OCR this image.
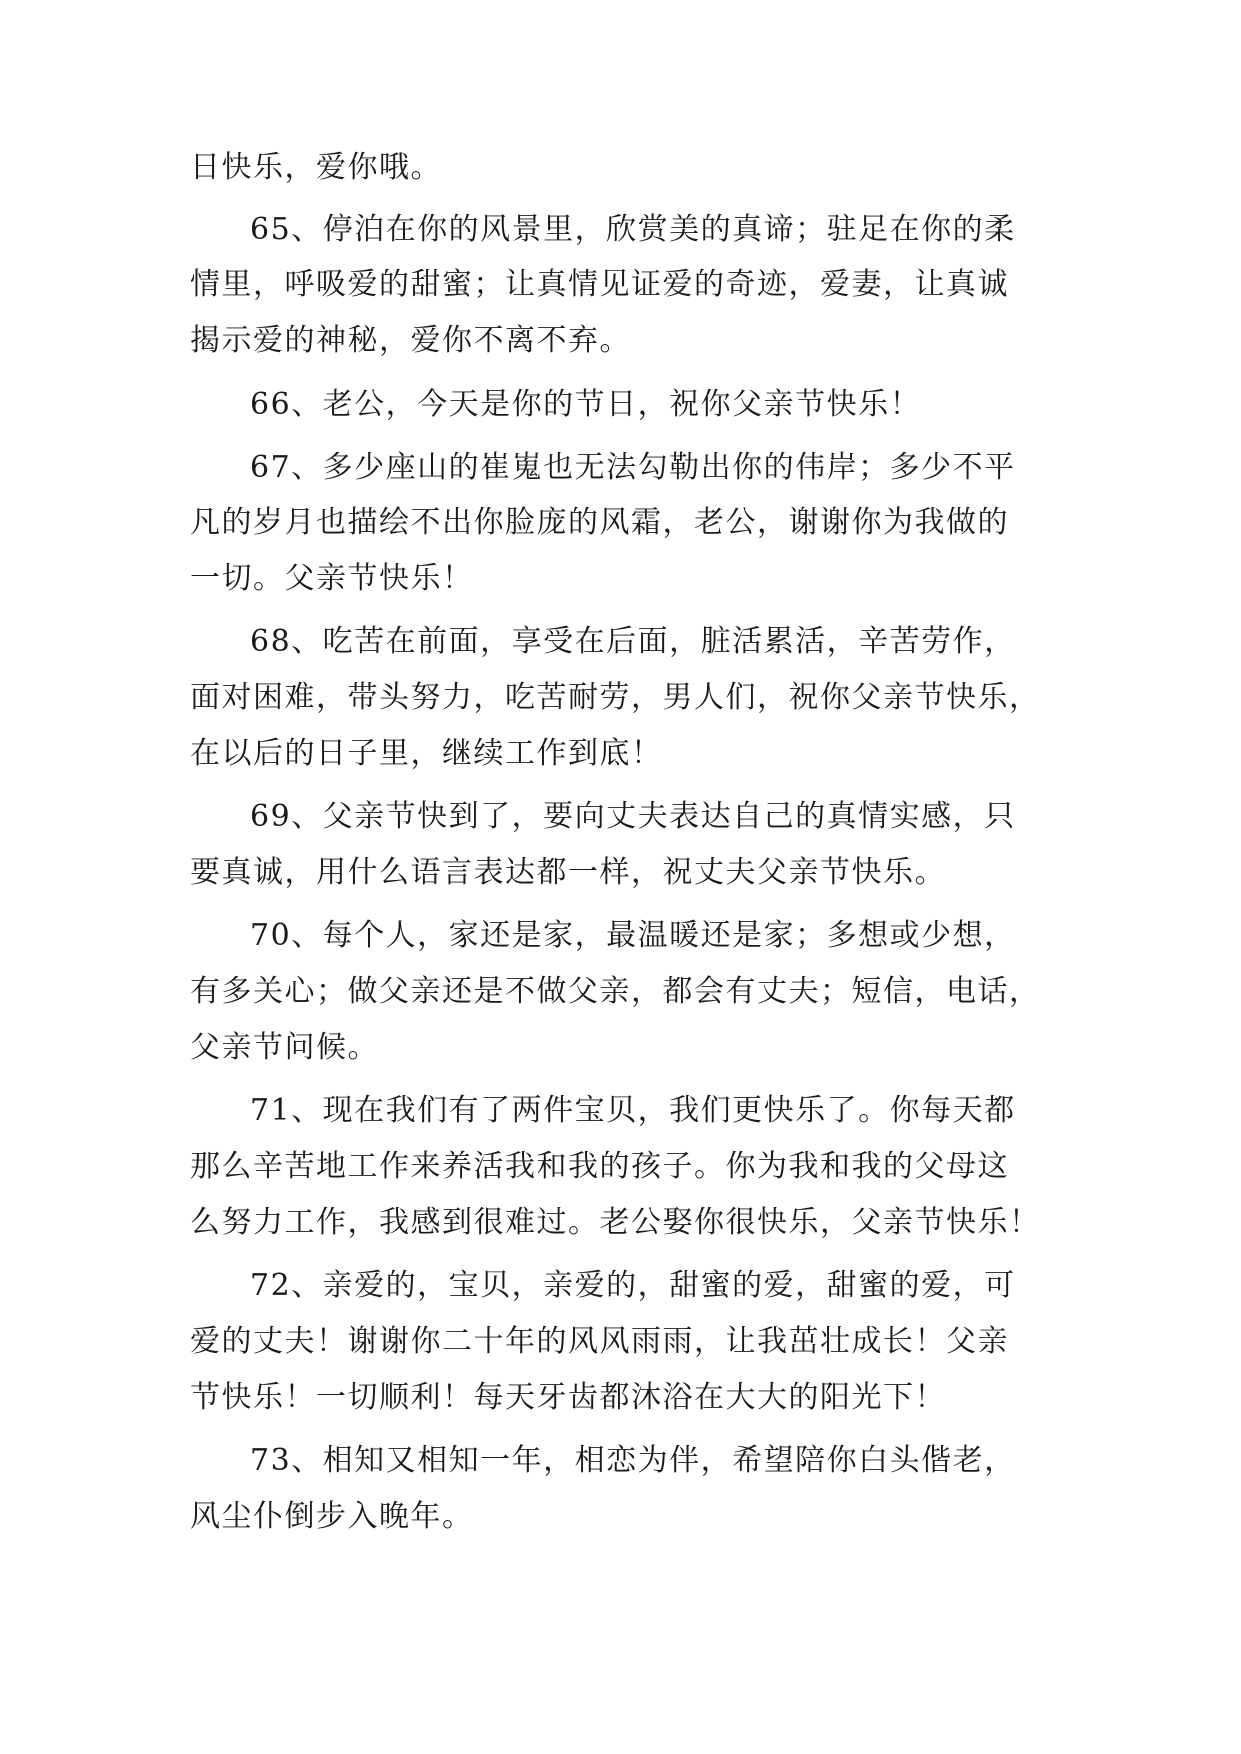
日快乐，爱你哦。
65、停泊在你的风景里，欣赏美的真谛；驻足在你的柔
情里，呼吸爱的甜蜜；让真情见证爱的奇迹，爱妻，让真诚
揭示爱的神秘，爱你不离不弃。
66、老公，今天是你的节日，祝你父亲节快乐！
67、多少座山的崔嵬也无法勾勒出你的伟岸；多少不平
凡的岁月也描绘不出你脸庞的风霜，老公，谢谢你为我做的
一切。父亲节快乐！
68、吃苦在前面，享受在后面，脏活累活，辛苦劳作，
面对困难，带头努力，吃苦耐劳，男人们，祝你父亲节快乐，
在以后的日子里，继续工作到底！
69、父亲节快到了，要向丈夫表达自己的真情实感，只
要真诚，用什么语言表达都一样，祝丈夫父亲节快乐。
70、每个人，家还是家，最温暖还是家；多想或少想，
有多关心；做父亲还是不做父亲，都会有丈夫；短信，电话，
父亲节问候。
71、现在我们有了两件宝贝，我们更快乐了。你每天都
那么辛苦地工作来养活我和我的孩子。你为我和我的父母这
么努力工作，我感到很难过。老公娶你很快乐，父亲节快乐！
72、亲爱的，宝贝，亲爱的，甜蜜的爱，甜蜜的爱，可
爱的丈夫！谢谢你二十年的风风雨雨，让我茁壮成长！父亲
节快乐！一切顺利！每天牙齿都沐浴在大大的阳光下！
73、相知又相知一年，相恋为伴，希望陪你白头偕老，
风尘仆倒步入晚年。
